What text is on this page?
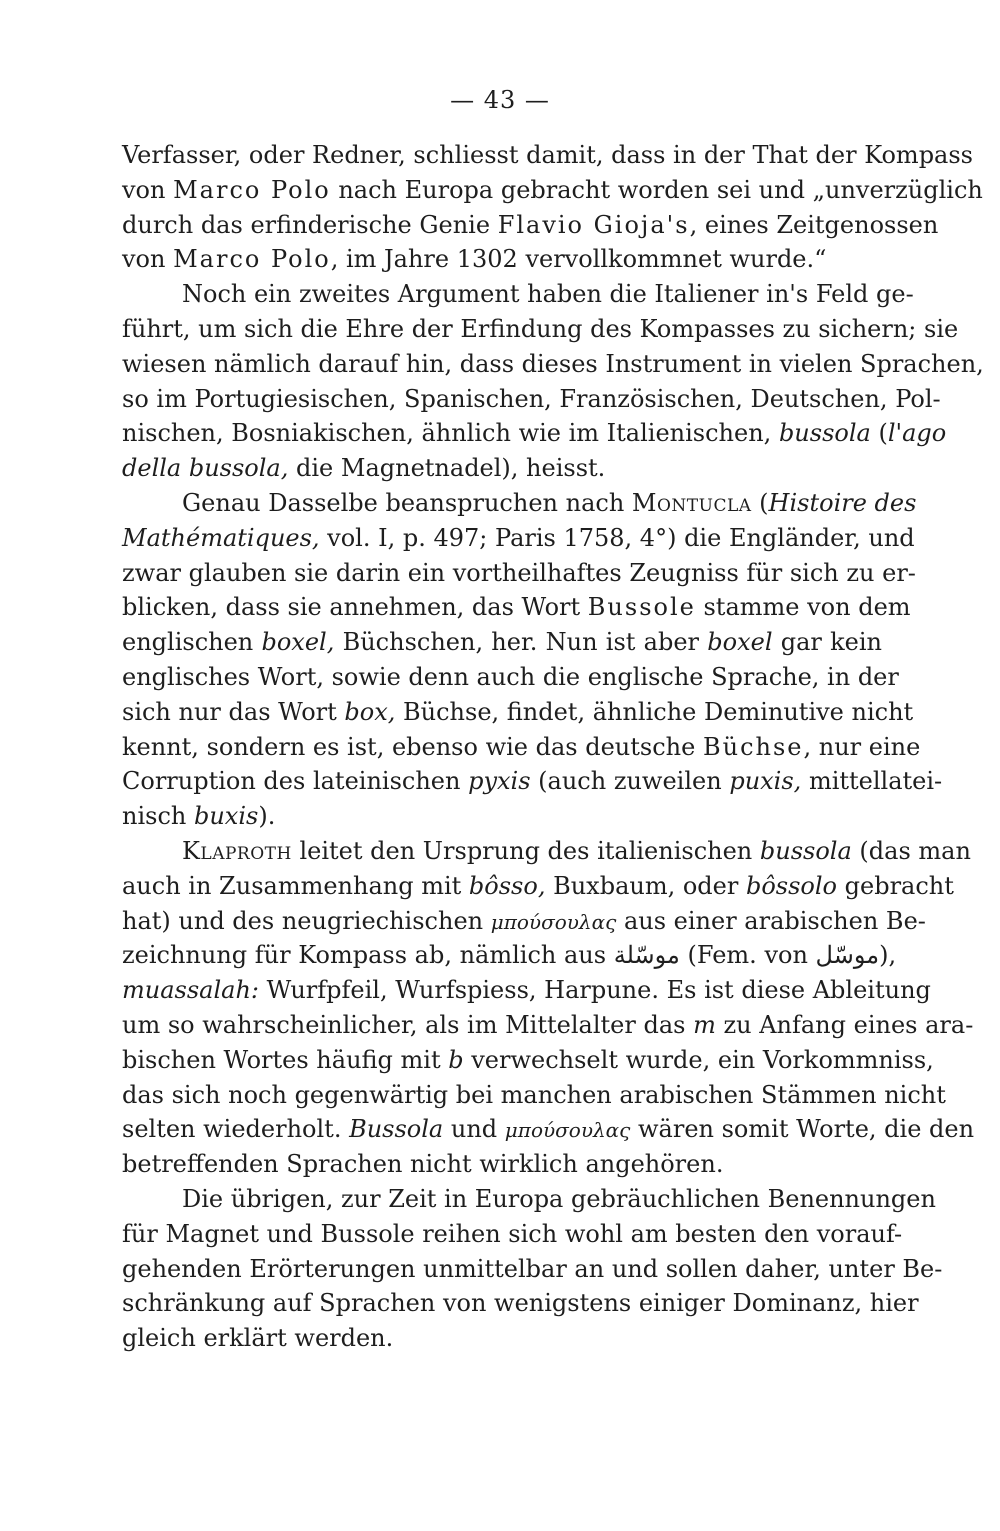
— 43 —
Verfasser, oder Redner, schliesst damit, dass in der That der Kompass
von Marco Polo nach Europa gebracht worden sei und „unverzüglich
durch das erfinderische Genie Flavio Gioja's, eines Zeitgenossen
von Marco Polo, im Jahre 1302 vervollkommnet wurde.“
Noch ein zweites Argument haben die Italiener in's Feld ge-
führt, um sich die Ehre der Erfindung des Kompasses zu sichern; sie
wiesen nämlich darauf hin, dass dieses Instrument in vielen Sprachen,
so im Portugiesischen, Spanischen, Französischen, Deutschen, Pol-
nischen, Bosniakischen, ähnlich wie im Italienischen, bussola (l'ago
della bussola, die Magnetnadel), heisst.
Genau Dasselbe beanspruchen nach Montucla (Histoire des
Mathématiques, vol. I, p. 497; Paris 1758, 4°) die Engländer, und
zwar glauben sie darin ein vortheilhaftes Zeugniss für sich zu er-
blicken, dass sie annehmen, das Wort Bussole stamme von dem
englischen boxel, Büchschen, her. Nun ist aber boxel gar kein
englisches Wort, sowie denn auch die englische Sprache, in der
sich nur das Wort box, Büchse, findet, ähnliche Deminutive nicht
kennt, sondern es ist, ebenso wie das deutsche Büchse, nur eine
Corruption des lateinischen pyxis (auch zuweilen puxis, mittellatei-
nisch buxis).
Klaproth leitet den Ursprung des italienischen bussola (das man
auch in Zusammenhang mit bôsso, Buxbaum, oder bôssolo gebracht
hat) und des neugriechischen μπούσουλας aus einer arabischen Be-
zeichnung für Kompass ab, nämlich aus موسّلة (Fem. von موسّل),
muassalah: Wurfpfeil, Wurfspiess, Harpune. Es ist diese Ableitung
um so wahrscheinlicher, als im Mittelalter das m zu Anfang eines ara-
bischen Wortes häufig mit b verwechselt wurde, ein Vorkommniss,
das sich noch gegenwärtig bei manchen arabischen Stämmen nicht
selten wiederholt. Bussola und μπούσουλας wären somit Worte, die den
betreffenden Sprachen nicht wirklich angehören.
Die übrigen, zur Zeit in Europa gebräuchlichen Benennungen
für Magnet und Bussole reihen sich wohl am besten den vorauf-
gehenden Erörterungen unmittelbar an und sollen daher, unter Be-
schränkung auf Sprachen von wenigstens einiger Dominanz, hier
gleich erklärt werden.
